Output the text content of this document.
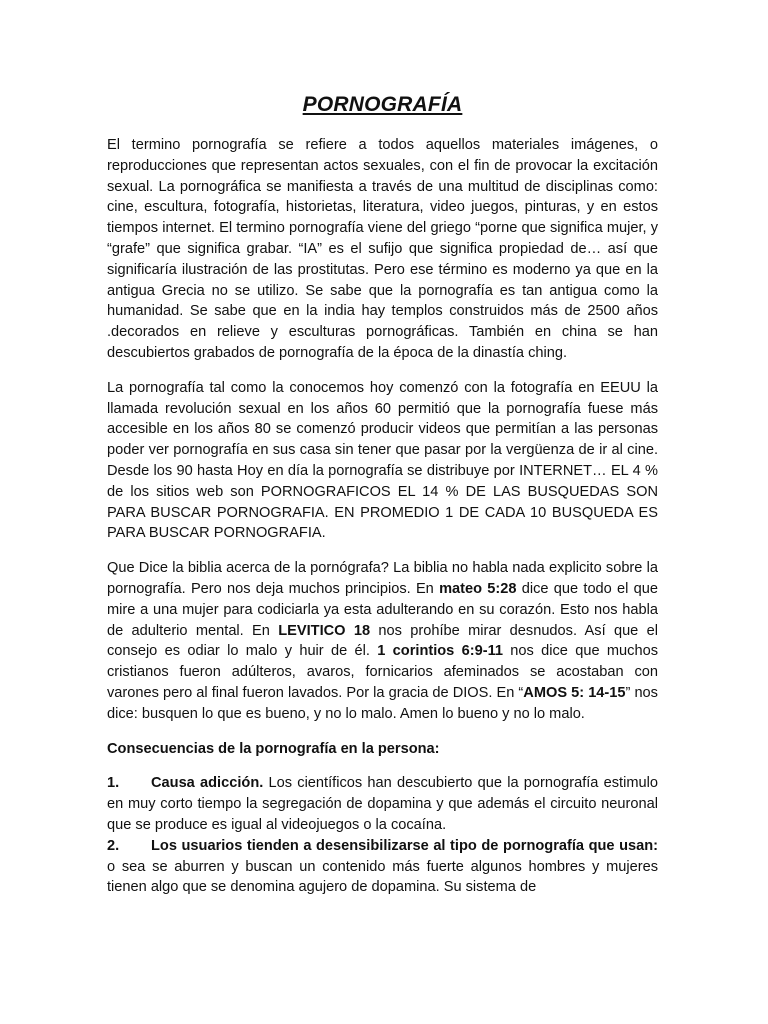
PORNOGRAFÍA

El termino pornografía se refiere a todos aquellos materiales imágenes, o reproducciones que representan actos sexuales, con el fin de provocar la excitación sexual. La pornográfica se manifiesta a través de una multitud de disciplinas como: cine, escultura, fotografía, historietas, literatura, video juegos, pinturas, y en estos tiempos internet. El termino pornografía viene del griego “porne que significa mujer, y “grafe” que significa grabar. “IA” es el sufijo que significa propiedad de… así que significaría ilustración de las prostitutas. Pero ese término es moderno ya que en la antigua Grecia no se utilizo. Se sabe que la pornografía es tan antigua como la humanidad. Se sabe que en la india hay templos construidos más de 2500 años .decorados en relieve y esculturas pornográficas. También en china se han descubiertos grabados de pornografía de la época de la dinastía ching.

La pornografía tal como la conocemos hoy comenzó con la fotografía en EEUU la llamada revolución sexual en los años 60 permitió que la pornografía fuese más accesible en los años 80 se comenzó producir videos que permitían a las personas poder ver pornografía en sus casa sin tener que pasar por la vergüenza de ir al cine. Desde los 90 hasta Hoy en día la pornografía se distribuye por INTERNET… EL 4 % de los sitios web son PORNOGRAFICOS EL 14 % DE LAS BUSQUEDAS SON PARA BUSCAR PORNOGRAFIA. EN PROMEDIO 1 DE CADA 10 BUSQUEDA ES PARA BUSCAR PORNOGRAFIA.

Que Dice la biblia acerca de la pornógrafa? La biblia no habla nada explicito sobre la pornografía. Pero nos deja muchos principios. En mateo 5:28 dice que todo el que mire a una mujer para codiciarla ya esta adulterando en su corazón. Esto nos habla de adulterio mental. En LEVITICO 18 nos prohíbe mirar desnudos. Así que el consejo es odiar lo malo y huir de él. 1 corintios 6:9-11 nos dice que muchos cristianos fueron adúlteros, avaros, fornicarios afeminados se acostaban con varones pero al final fueron lavados. Por la gracia de DIOS. En “AMOS 5: 14-15” nos dice: busquen lo que es bueno, y no lo malo. Amen lo bueno y no lo malo.

Consecuencias de la pornografía en la persona:

1. Causa adicción. Los científicos han descubierto que la pornografía estimulo en muy corto tiempo la segregación de dopamina y que además el circuito neuronal que se produce es igual al videojuegos o la cocaína.

2. Los usuarios tienden a desensibilizarse al tipo de pornografía que usan: o sea se aburren y buscan un contenido más fuerte algunos hombres y mujeres tienen algo que se denomina agujero de dopamina. Su sistema de
